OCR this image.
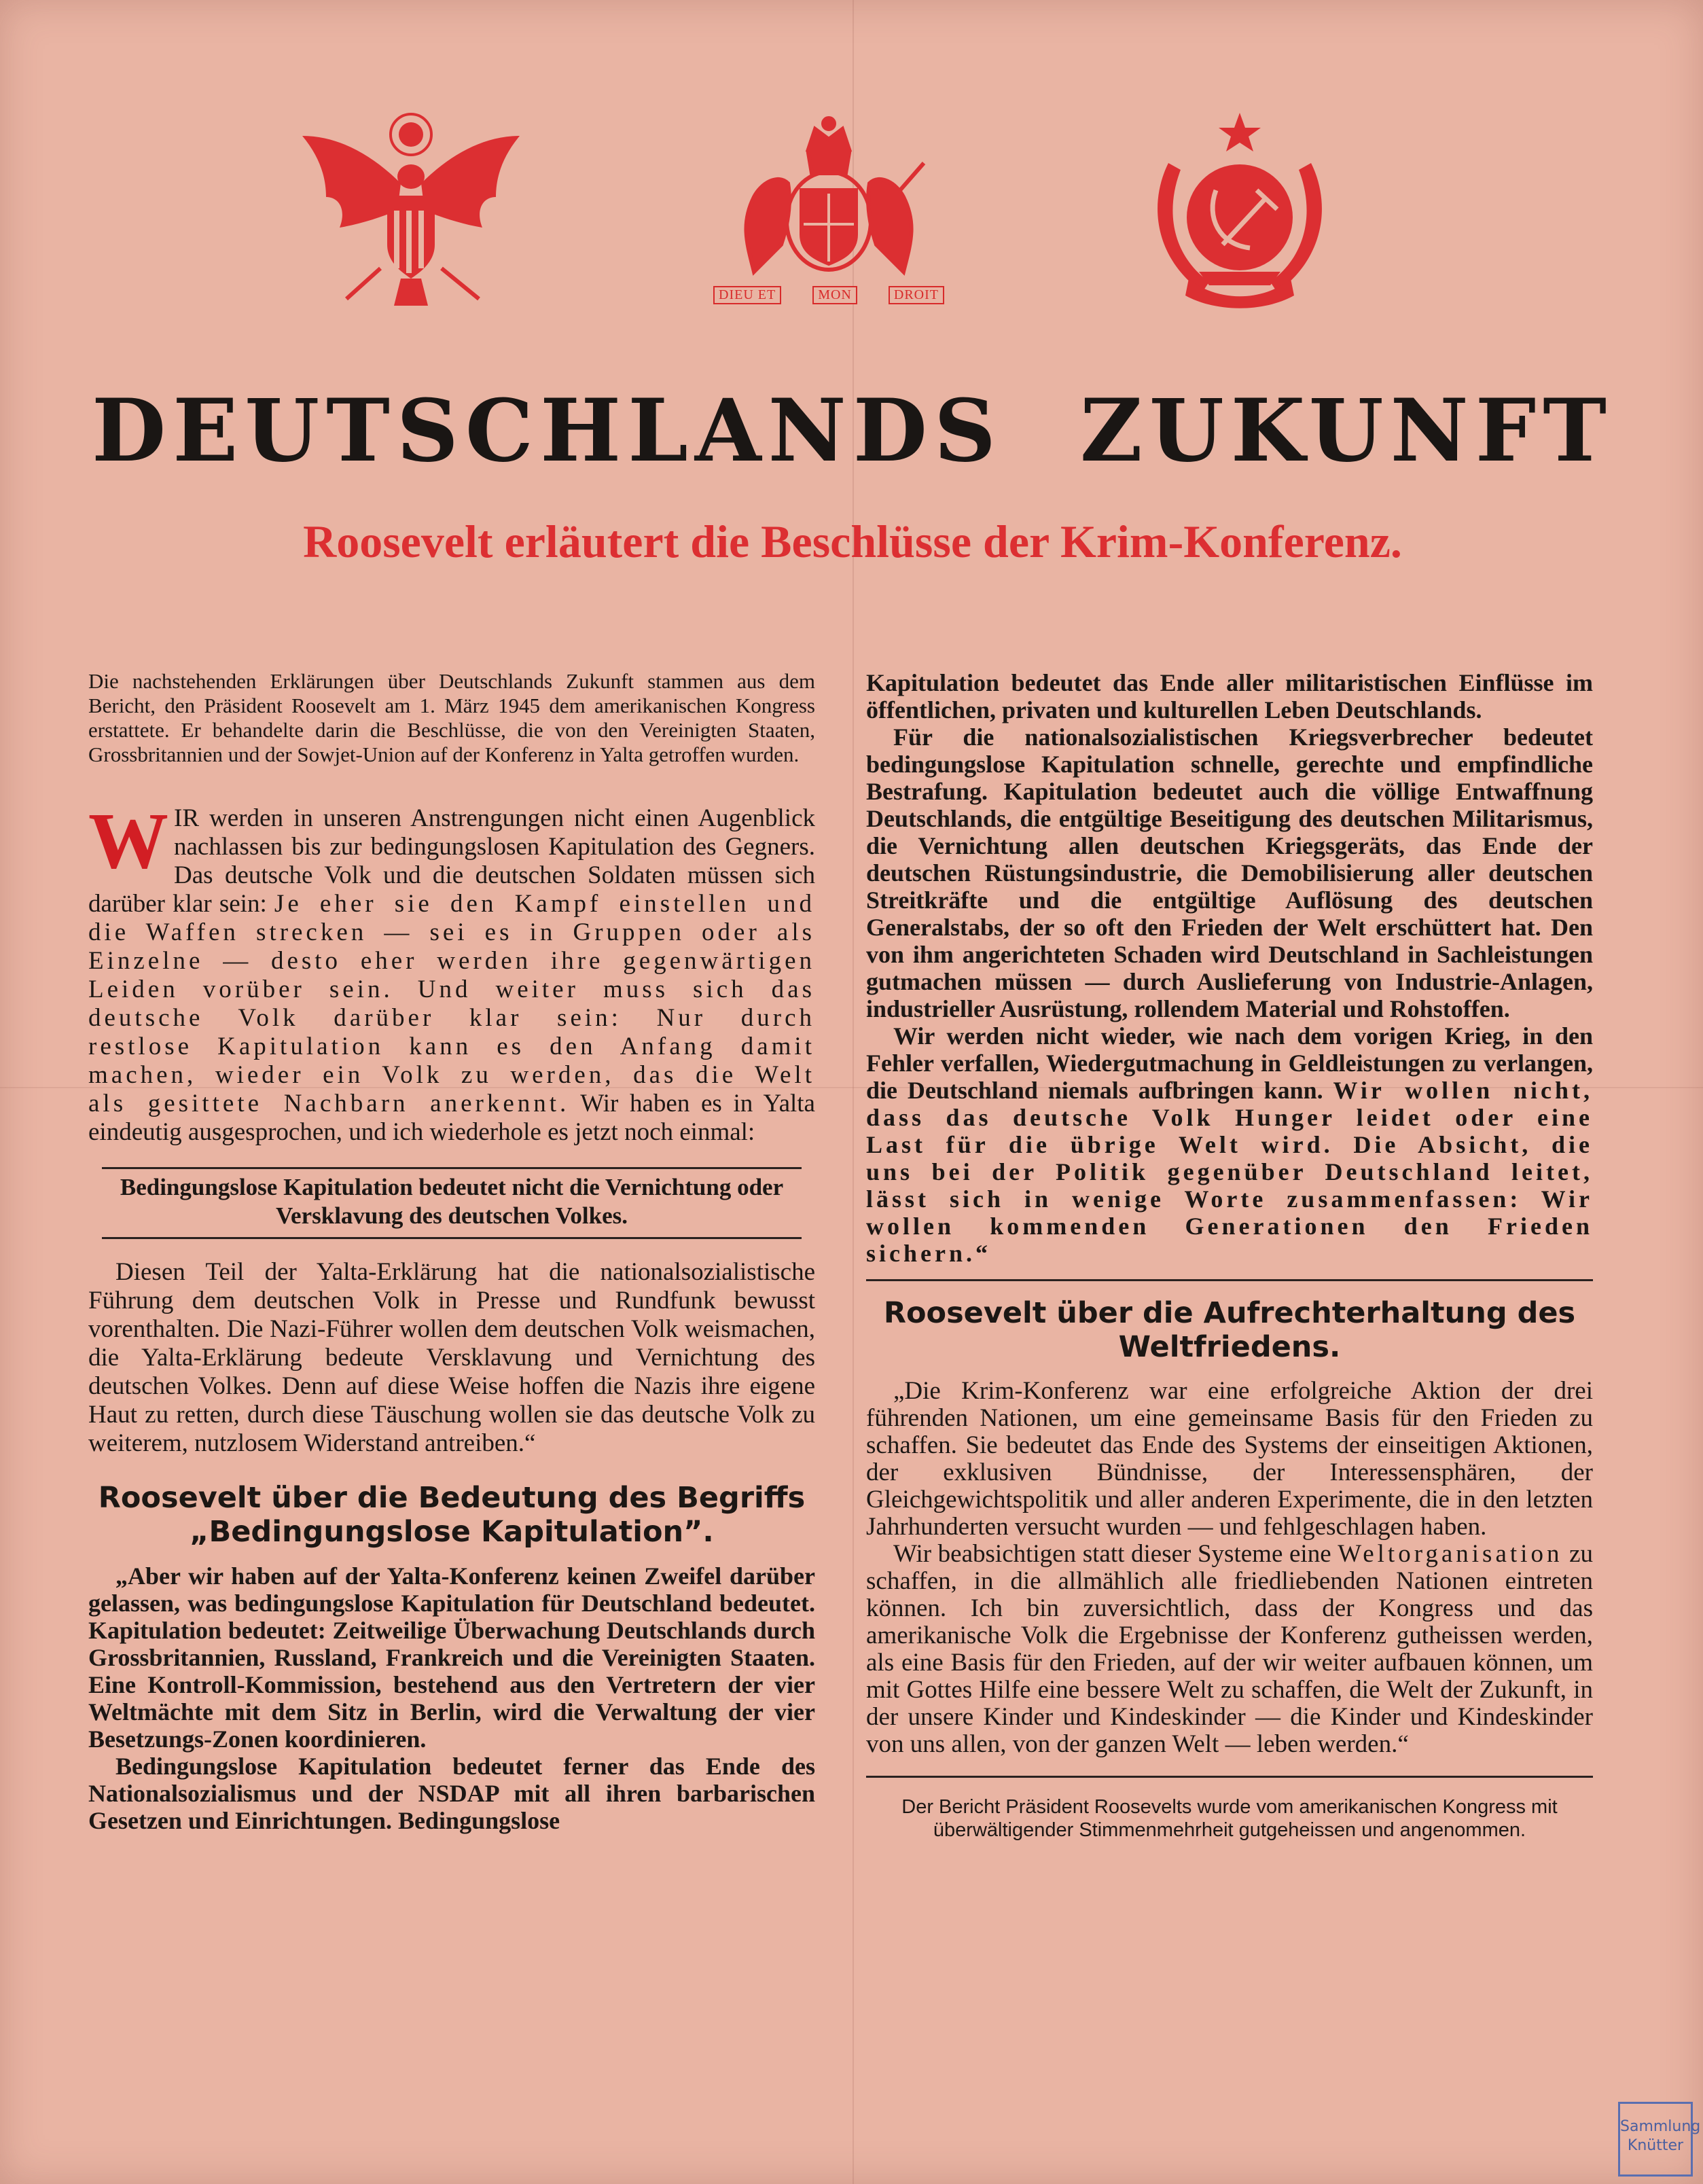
DIEU ET	MON	DROIT
DEUTSCHLANDS ZUKUNFT
Roosevelt erläutert die Beschlüsse der Krim-Konferenz.

Die nachstehenden Erklärungen über Deutschlands Zukunft stammen aus dem Bericht, den Präsident Roosevelt am 1. März 1945 dem amerikanischen Kongress erstattete. Er behandelte darin die Beschlüsse, die von den Vereinigten Staaten, Grossbritannien und der Sowjet-Union auf der Konferenz in Yalta getroffen wurden.

WIR werden in unseren Anstrengungen nicht einen Augenblick nachlassen bis zur bedingungslosen Kapitulation des Gegners. Das deutsche Volk und die deutschen Soldaten müssen sich darüber klar sein: Je eher sie den Kampf einstellen und die Waffen strecken — sei es in Gruppen oder als Einzelne — desto eher werden ihre gegenwärtigen Leiden vorüber sein. Und weiter muss sich das deutsche Volk darüber klar sein: Nur durch restlose Kapitulation kann es den Anfang damit machen, wieder ein Volk zu werden, das die Welt als gesittete Nachbarn anerkennt. Wir haben es in Yalta eindeutig ausgesprochen, und ich wiederhole es jetzt noch einmal:

Bedingungslose Kapitulation bedeutet nicht die Vernichtung oder Versklavung des deutschen Volkes.

Diesen Teil der Yalta-Erklärung hat die nationalsozialistische Führung dem deutschen Volk in Presse und Rundfunk bewusst vorenthalten. Die Nazi-Führer wollen dem deutschen Volk weismachen, die Yalta-Erklärung bedeute Versklavung und Vernichtung des deutschen Volkes. Denn auf diese Weise hoffen die Nazis ihre eigene Haut zu retten, durch diese Täuschung wollen sie das deutsche Volk zu weiterem, nutzlosem Widerstand antreiben.“

Roosevelt über die Bedeutung des Begriffs „Bedingungslose Kapitulation”.

„Aber wir haben auf der Yalta-Konferenz keinen Zweifel darüber gelassen, was bedingungslose Kapitulation für Deutschland bedeutet. Kapitulation bedeutet: Zeitweilige Überwachung Deutschlands durch Grossbritannien, Russland, Frankreich und die Vereinigten Staaten. Eine Kontroll-Kommission, bestehend aus den Vertretern der vier Weltmächte mit dem Sitz in Berlin, wird die Verwaltung der vier Besetzungs-Zonen koordinieren.

Bedingungslose Kapitulation bedeutet ferner das Ende des Nationalsozialismus und der NSDAP mit all ihren barbarischen Gesetzen und Einrichtungen. Bedingungslose

Kapitulation bedeutet das Ende aller militaristischen Einflüsse im öffentlichen, privaten und kulturellen Leben Deutschlands.

Für die nationalsozialistischen Kriegsverbrecher bedeutet bedingungslose Kapitulation schnelle, gerechte und empfindliche Bestrafung. Kapitulation bedeutet auch die völlige Entwaffnung Deutschlands, die entgültige Beseitigung des deutschen Militarismus, die Vernichtung allen deutschen Kriegsgeräts, das Ende der deutschen Rüstungsindustrie, die Demobilisierung aller deutschen Streitkräfte und die entgültige Auflösung des deutschen Generalstabs, der so oft den Frieden der Welt erschüttert hat. Den von ihm angerichteten Schaden wird Deutschland in Sachleistungen gutmachen müssen — durch Auslieferung von Industrie-Anlagen, industrieller Ausrüstung, rollendem Material und Rohstoffen.

Wir werden nicht wieder, wie nach dem vorigen Krieg, in den Fehler verfallen, Wiedergutmachung in Geldleistungen zu verlangen, die Deutschland niemals aufbringen kann. Wir wollen nicht, dass das deutsche Volk Hunger leidet oder eine Last für die übrige Welt wird. Die Absicht, die uns bei der Politik gegenüber Deutschland leitet, lässt sich in wenige Worte zusammenfassen: Wir wollen kommenden Generationen den Frieden sichern.“

Roosevelt über die Aufrechterhaltung des Weltfriedens.

„Die Krim-Konferenz war eine erfolgreiche Aktion der drei führenden Nationen, um eine gemeinsame Basis für den Frieden zu schaffen. Sie bedeutet das Ende des Systems der einseitigen Aktionen, der exklusiven Bündnisse, der Interessensphären, der Gleichgewichtspolitik und aller anderen Experimente, die in den letzten Jahrhunderten versucht wurden — und fehlgeschlagen haben.

Wir beabsichtigen statt dieser Systeme eine Weltorganisation zu schaffen, in die allmählich alle friedliebenden Nationen eintreten können. Ich bin zuversichtlich, dass der Kongress und das amerikanische Volk die Ergebnisse der Konferenz gutheissen werden, als eine Basis für den Frieden, auf der wir weiter aufbauen können, um mit Gottes Hilfe eine bessere Welt zu schaffen, die Welt der Zukunft, in der unsere Kinder und Kindeskinder — die Kinder und Kindeskinder von uns allen, von der ganzen Welt — leben werden.“

Der Bericht Präsident Roosevelts wurde vom amerikanischen Kongress mit überwältigender Stimmenmehrheit gutgeheissen und angenommen.

Sammlung
Knütter
